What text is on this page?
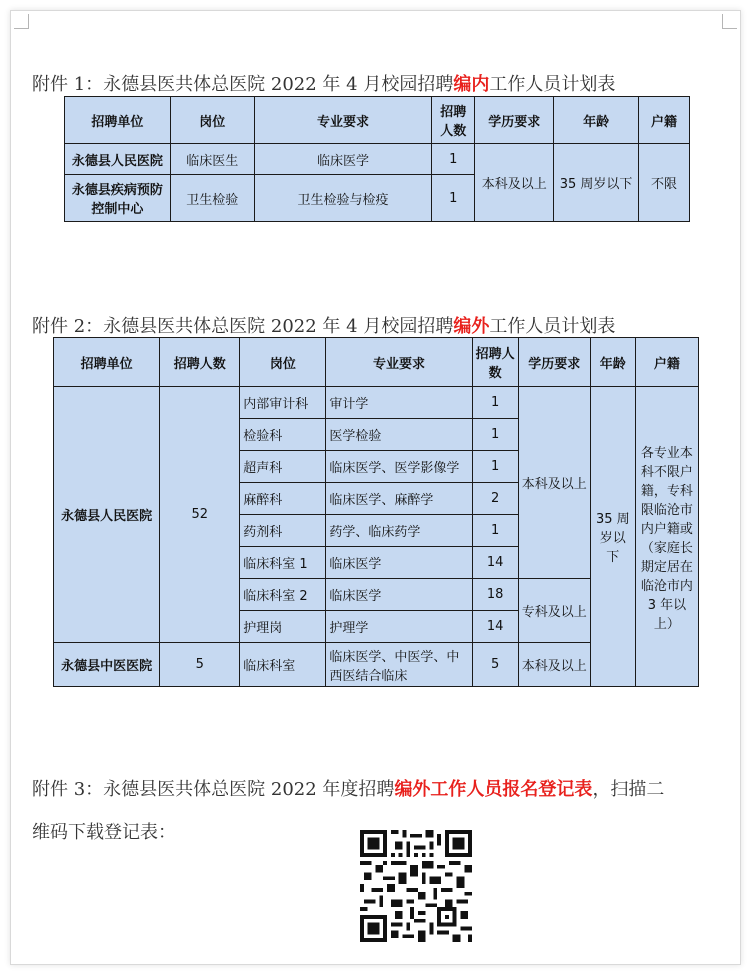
附件 1：永德县医共体总医院 2022 年 4 月校园招聘编内工作人员计划表
招聘单位	岗位	专业要求	招聘人数	学历要求	年龄	户籍
永德县人民医院	临床医生	临床医学	1	本科及以上	35 周岁以下	不限
永德县疾病预防控制中心	卫生检验	卫生检验与检疫	1			
附件 2：永德县医共体总医院 2022 年 4 月校园招聘编外工作人员计划表
招聘单位	招聘人数	岗位	专业要求	招聘人数	学历要求	年龄	户籍
永德县人民医院	52	内部审计科	审计学	1	本科及以上	35 周岁以下	各专业本科不限户籍，专科限临沧市内户籍或（家庭长期定居在临沧市内 3 年以上）
		检验科	医学检验	1			
		超声科	临床医学、医学影像学	1			
		麻醉科	临床医学、麻醉学	2			
		药剂科	药学、临床药学	1			
		临床科室 1	临床医学	14			
		临床科室 2	临床医学	18	专科及以上		
		护理岗	护理学	14			
永德县中医医院	5	临床科室	临床医学、中医学、中西医结合临床	5	本科及以上		
附件 3：永德县医共体总医院 2022 年度招聘编外工作人员报名登记表，扫描二
维码下载登记表：
